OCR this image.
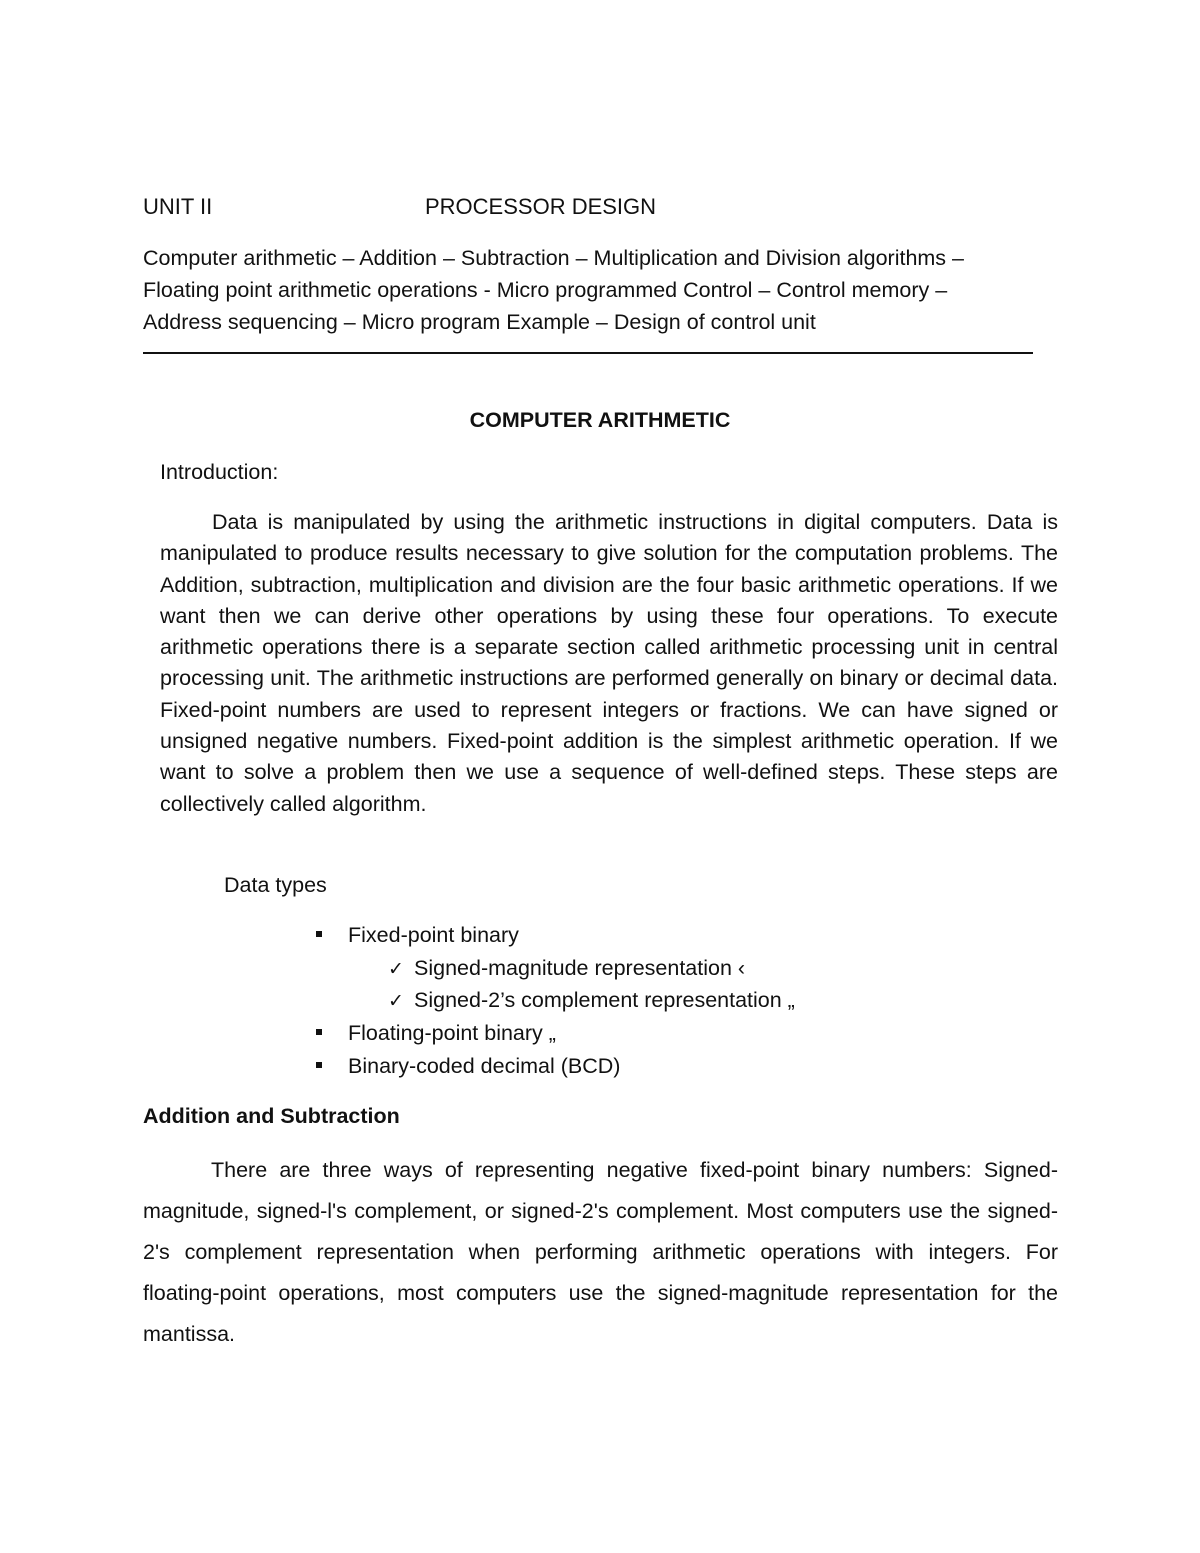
UNIT II	PROCESSOR DESIGN
Computer arithmetic – Addition – Subtraction – Multiplication and Division algorithms –
Floating point arithmetic operations - Micro programmed Control – Control memory –
Address sequencing – Micro program Example – Design of control unit
COMPUTER ARITHMETIC
Introduction:

Data is manipulated by using the arithmetic instructions in digital computers. Data is manipulated to produce results necessary to give solution for the computation problems. The Addition, subtraction, multiplication and division are the four basic arithmetic operations. If we want then we can derive other operations by using these four operations. To execute arithmetic operations there is a separate section called arithmetic processing unit in central processing unit. The arithmetic instructions are performed generally on binary or decimal data. Fixed-point numbers are used to represent integers or fractions. We can have signed or unsigned negative numbers. Fixed-point addition is the simplest arithmetic operation. If we want to solve a problem then we use a sequence of well-defined steps. These steps are collectively called algorithm.

Data types
Fixed-point binary
✓ Signed-magnitude representation ‹
✓ Signed-2’s complement representation „
Floating-point binary „
Binary-coded decimal (BCD)
Addition and Subtraction

There are three ways of representing negative fixed-point binary numbers: Signed-magnitude, signed-l's complement, or signed-2's complement. Most computers use the signed-2's complement representation when performing arithmetic operations with integers. For floating-point operations, most computers use the signed-magnitude representation for the mantissa.
